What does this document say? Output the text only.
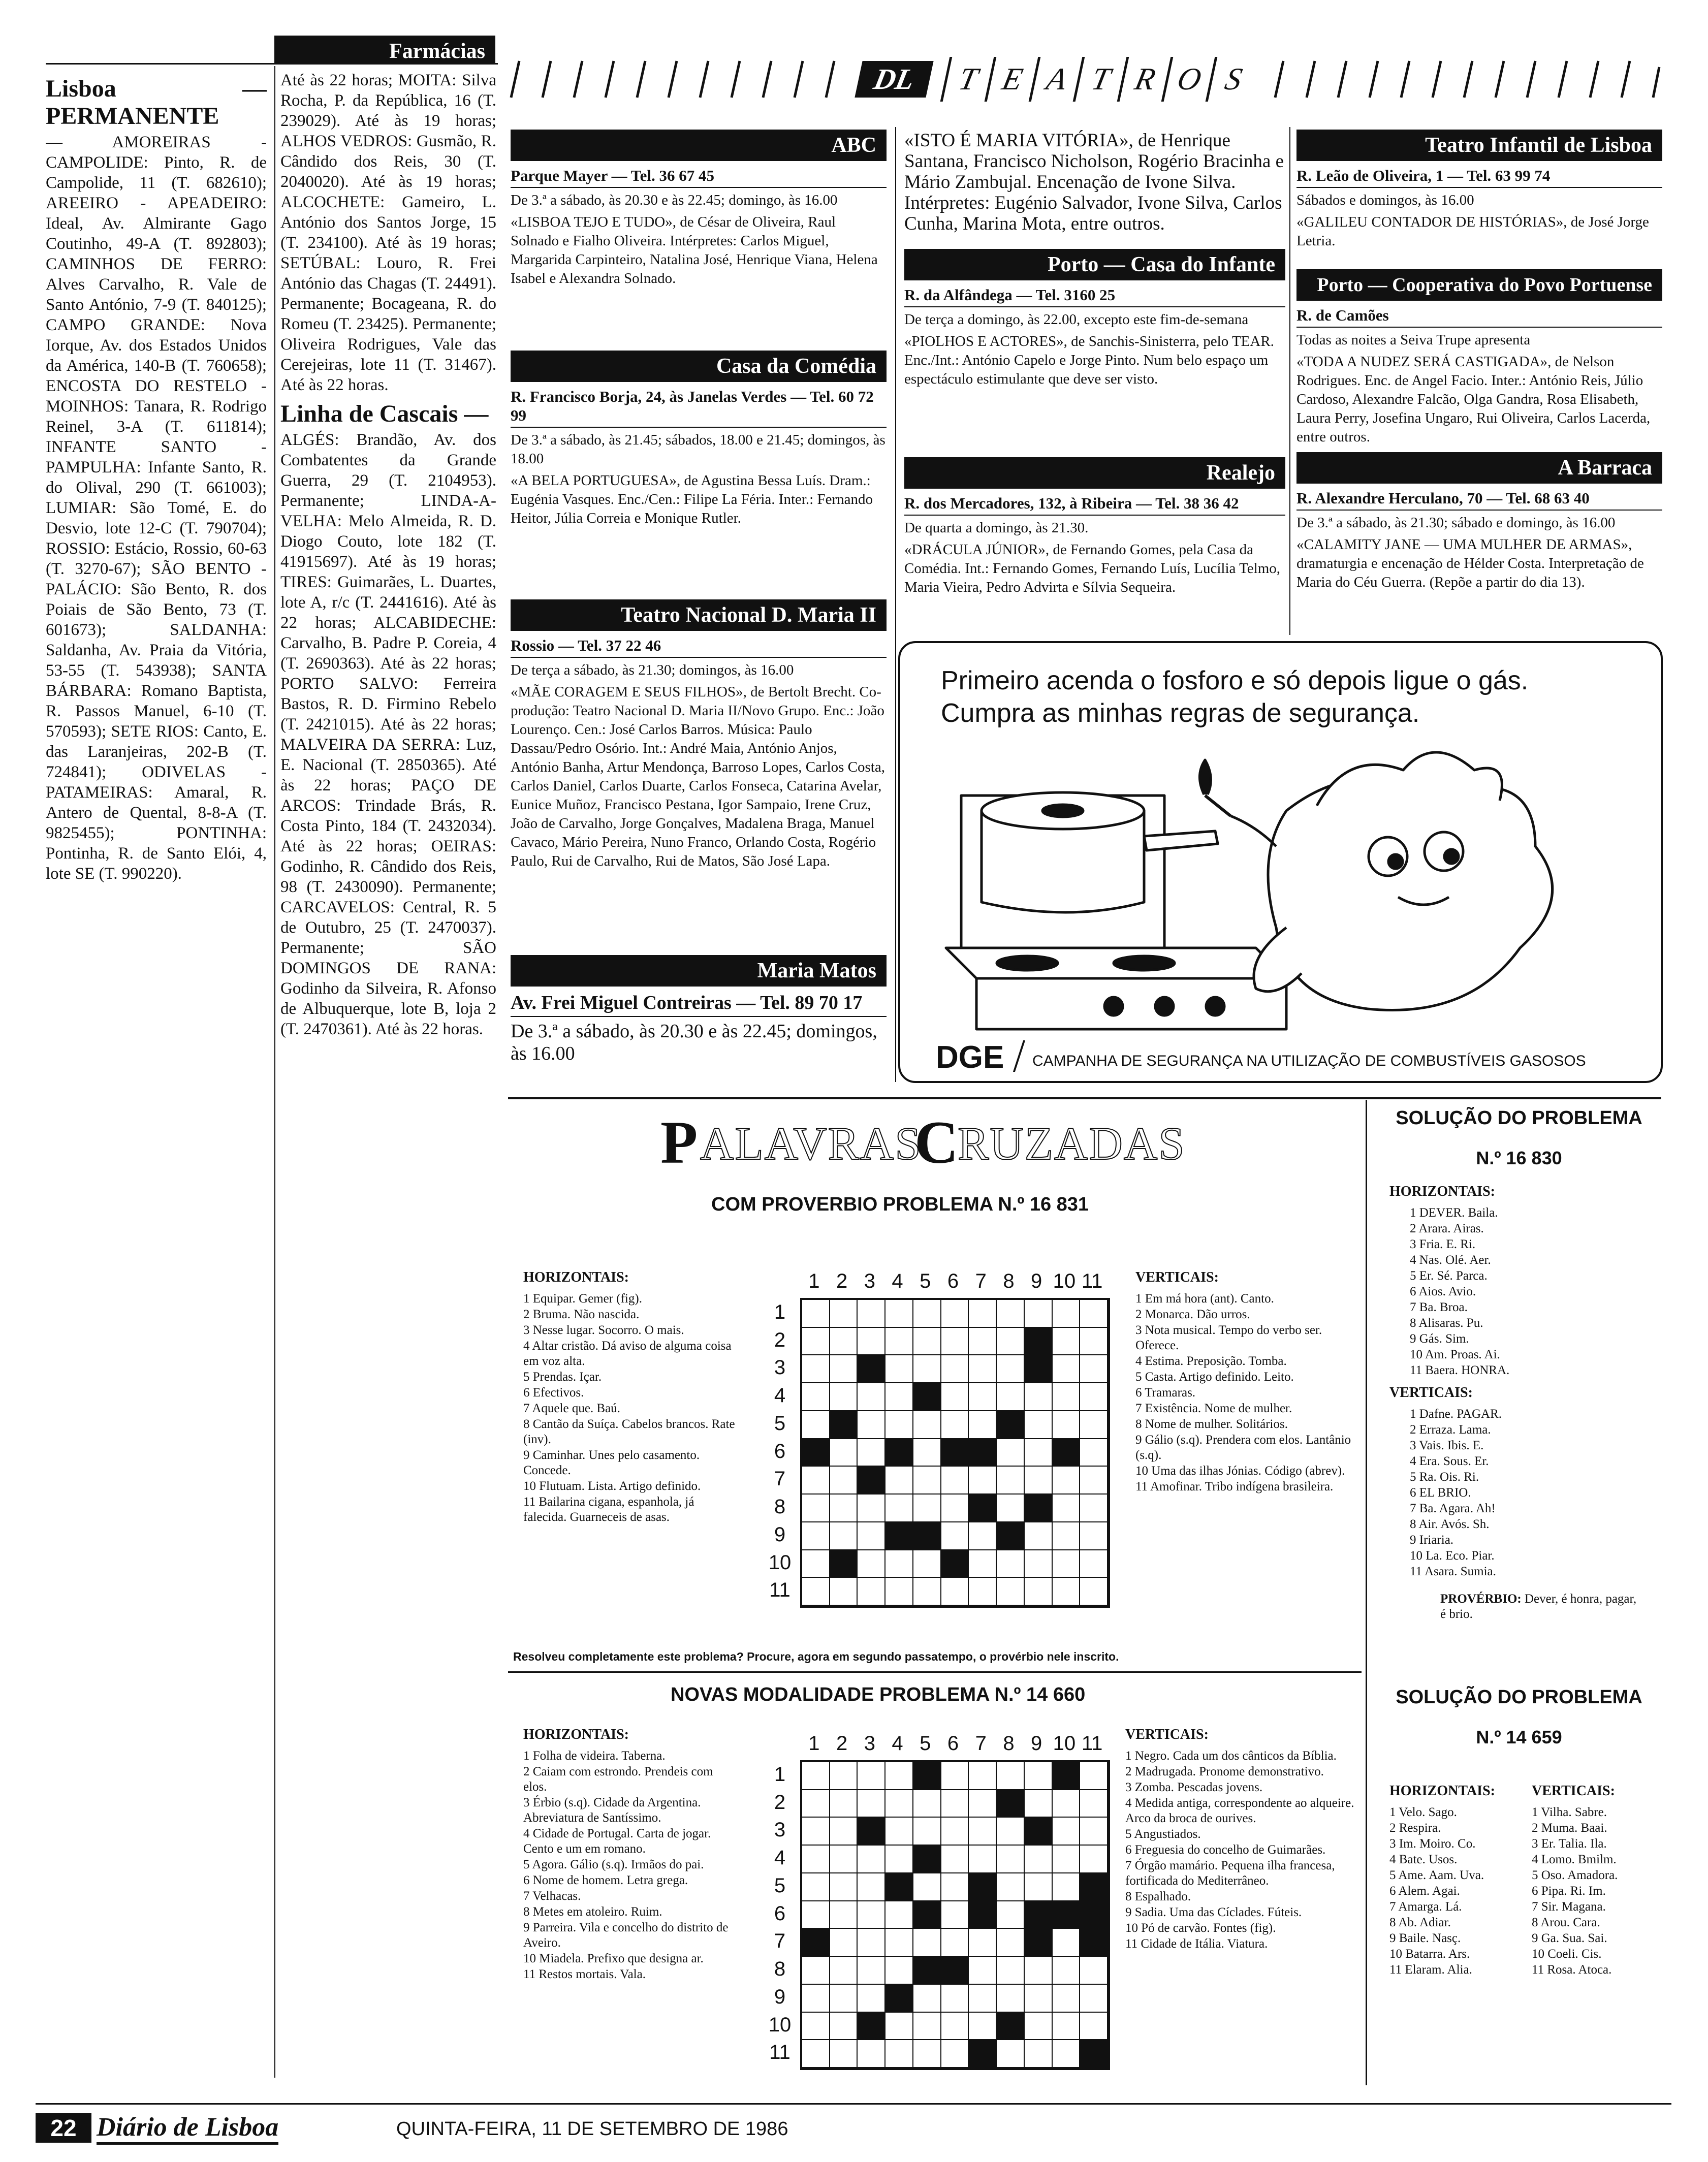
Farmácias
Lisboa — PERMANENTE

— AMOREIRAS - CAMPOLIDE: Pinto, R. de Campolide, 11 (T. 682610); AREEIRO - APEADEIRO: Ideal, Av. Almirante Gago Coutinho, 49-A (T. 892803); CAMINHOS DE FERRO: Alves Carvalho, R. Vale de Santo António, 7-9 (T. 840125); CAMPO GRANDE: Nova Iorque, Av. dos Estados Unidos da América, 140-B (T. 760658); ENCOSTA DO RESTELO - MOINHOS: Tanara, R. Rodrigo Reinel, 3-A (T. 611814); INFANTE SANTO - PAMPULHA: Infante Santo, R. do Olival, 290 (T. 661003); LUMIAR: São Tomé, E. do Desvio, lote 12-C (T. 790704); ROSSIO: Estácio, Rossio, 60-63 (T. 3270-67); SÃO BENTO - PALÁCIO: São Bento, R. dos Poiais de São Bento, 73 (T. 601673); SALDANHA: Saldanha, Av. Praia da Vitória, 53-55 (T. 543938); SANTA BÁRBARA: Romano Baptista, R. Passos Manuel, 6-10 (T. 570593); SETE RIOS: Canto, E. das Laranjeiras, 202-B (T. 724841); ODIVELAS - PATAMEIRAS: Amaral, R. Antero de Quental, 8-8-A (T. 9825455); PONTINHA: Pontinha, R. de Santo Elói, 4, lote SE (T. 990220).

Até às 22 horas; MOITA: Silva Rocha, P. da República, 16 (T. 239029). Até às 19 horas; ALHOS VEDROS: Gusmão, R. Cândido dos Reis, 30 (T. 2040020). Até às 19 horas; ALCOCHETE: Gameiro, L. António dos Santos Jorge, 15 (T. 234100). Até às 19 horas; SETÚBAL: Louro, R. Frei António das Chagas (T. 24491). Permanente; Bocageana, R. do Romeu (T. 23425). Permanente; Oliveira Rodrigues, Vale das Cerejeiras, lote 11 (T. 31467). Até às 22 horas.

Linha de Cascais —

ALGÉS: Brandão, Av. dos Combatentes da Grande Guerra, 29 (T. 2104953). Permanente; LINDA-A-VELHA: Melo Almeida, R. D. Diogo Couto, lote 182 (T. 41915697). Até às 19 horas; TIRES: Guimarães, L. Duartes, lote A, r/c (T. 2441616). Até às 22 horas; ALCABIDECHE: Carvalho, B. Padre P. Coreia, 4 (T. 2690363). Até às 22 horas; PORTO SALVO: Ferreira Bastos, R. D. Firmino Rebelo (T. 2421015). Até às 22 horas; MALVEIRA DA SERRA: Luz, E. Nacional (T. 2850365). Até às 22 horas; PAÇO DE ARCOS: Trindade Brás, R. Costa Pinto, 184 (T. 2432034). Até às 22 horas; OEIRAS: Godinho, R. Cândido dos Reis, 98 (T. 2430090). Permanente; CARCAVELOS: Central, R. 5 de Outubro, 25 (T. 2470037). Permanente; SÃO DOMINGOS DE RANA: Godinho da Silveira, R. Afonso de Albuquerque, lote B, loja 2 (T. 2470361). Até às 22 horas.

DL	T E A T R O S
ABC
Parque Mayer — Tel. 36 67 45

De 3.ª a sábado, às 20.30 e às 22.45; domingo, às 16.00

«LISBOA TEJO E TUDO», de César de Oliveira, Raul Solnado e Fialho Oliveira. Intérpretes: Carlos Miguel, Margarida Carpinteiro, Natalina José, Henrique Viana, Helena Isabel e Alexandra Solnado.

Casa da Comédia
R. Francisco Borja, 24, às Janelas Verdes — Tel. 60 72 99

De 3.ª a sábado, às 21.45; sábados, 18.00 e 21.45; domingos, às 18.00

«A BELA PORTUGUESA», de Agustina Bessa Luís. Dram.: Eugénia Vasques. Enc./Cen.: Filipe La Féria. Inter.: Fernando Heitor, Júlia Correia e Monique Rutler.

Teatro Nacional D. Maria II
Rossio — Tel. 37 22 46

De terça a sábado, às 21.30; domingos, às 16.00

«MÃE CORAGEM E SEUS FILHOS», de Bertolt Brecht. Co-produção: Teatro Nacional D. Maria II/Novo Grupo. Enc.: João Lourenço. Cen.: José Carlos Barros. Música: Paulo Dassau/Pedro Osório. Int.: André Maia, António Anjos, António Banha, Artur Mendonça, Barroso Lopes, Carlos Costa, Carlos Daniel, Carlos Duarte, Carlos Fonseca, Catarina Avelar, Eunice Muñoz, Francisco Pestana, Igor Sampaio, Irene Cruz, João de Carvalho, Jorge Gonçalves, Madalena Braga, Manuel Cavaco, Mário Pereira, Nuno Franco, Orlando Costa, Rogério Paulo, Rui de Carvalho, Rui de Matos, São José Lapa.

Maria Matos
Av. Frei Miguel Contreiras — Tel. 89 70 17

De 3.ª a sábado, às 20.30 e às 22.45; domingos, às 16.00

«ISTO É MARIA VITÓRIA», de Henrique Santana, Francisco Nicholson, Rogério Bracinha e Mário Zambujal. Encenação de Ivone Silva. Intérpretes: Eugénio Salvador, Ivone Silva, Carlos Cunha, Marina Mota, entre outros.

Porto — Casa do Infante
R. da Alfândega — Tel. 3160 25

De terça a domingo, às 22.00, excepto este fim-de-semana

«PIOLHOS E ACTORES», de Sanchis-Sinisterra, pelo TEAR. Enc./Int.: António Capelo e Jorge Pinto. Num belo espaço um espectáculo estimulante que deve ser visto.

Realejo
R. dos Mercadores, 132, à Ribeira — Tel. 38 36 42

De quarta a domingo, às 21.30.

«DRÁCULA JÚNIOR», de Fernando Gomes, pela Casa da Comédia. Int.: Fernando Gomes, Fernando Luís, Lucília Telmo, Maria Vieira, Pedro Advirta e Sílvia Sequeira.

Teatro Infantil de Lisboa
R. Leão de Oliveira, 1 — Tel. 63 99 74

Sábados e domingos, às 16.00

«GALILEU CONTADOR DE HISTÓRIAS», de José Jorge Letria.

Porto — Cooperativa do Povo Portuense
R. de Camões

Todas as noites a Seiva Trupe apresenta

«TODA A NUDEZ SERÁ CASTIGADA», de Nelson Rodrigues. Enc. de Angel Facio. Inter.: António Reis, Júlio Cardoso, Alexandre Falcão, Olga Gandra, Rosa Elisabeth, Laura Perry, Josefina Ungaro, Rui Oliveira, Carlos Lacerda, entre outros.

A Barraca
R. Alexandre Herculano, 70 — Tel. 68 63 40

De 3.ª a sábado, às 21.30; sábado e domingo, às 16.00

«CALAMITY JANE — UMA MULHER DE ARMAS», dramaturgia e encenação de Hélder Costa. Interpretação de Maria do Céu Guerra. (Repõe a partir do dia 13).

Primeiro acenda o fosforo e só depois ligue o gás.
Cumpra as minhas regras de segurança.
DGE CAMPANHA DE SEGURANÇA NA UTILIZAÇÃO DE COMBUSTÍVEIS GASOSOS
P ALAVRAS
C
RUZADAS
COM PROVERBIO PROBLEMA N.º 16 831
HORIZONTAIS:
1 Equipar. Gemer (fig).
2 Bruma. Não nascida.
3 Nesse lugar. Socorro. O mais.
4 Altar cristão. Dá aviso de alguma coisa em voz alta.
5 Prendas. Içar.
6 Efectivos.
7 Aquele que. Baú.
8 Cantão da Suíça. Cabelos brancos. Rate (inv).
9 Caminhar. Unes pelo casamento. Concede.
10 Flutuam. Lista. Artigo definido.
11 Bailarina cigana, espanhola, já falecida. Guarneceis de asas.
1 2 3 4 5 6 7 8 9 10 11
1
2
3
4
5
6
7
8
9
10
11
VERTICAIS:
1 Em má hora (ant). Canto.
2 Monarca. Dão urros.
3 Nota musical. Tempo do verbo ser. Oferece.
4 Estima. Preposição. Tomba.
5 Casta. Artigo definido. Leito.
6 Tramaras.
7 Existência. Nome de mulher.
8 Nome de mulher. Solitários.
9 Gálio (s.q). Prendera com elos. Lantânio (s.q).
10 Uma das ilhas Jónias. Código (abrev).
11 Amofinar. Tribo indígena brasileira.
Resolveu completamente este problema? Procure, agora em segundo passatempo, o provérbio nele inscrito.
NOVAS MODALIDADE PROBLEMA N.º 14 660
HORIZONTAIS:
1 Folha de videira. Taberna.
2 Caiam com estrondo. Prendeis com elos.
3 Érbio (s.q). Cidade da Argentina. Abreviatura de Santíssimo.
4 Cidade de Portugal. Carta de jogar. Cento e um em romano.
5 Agora. Gálio (s.q). Irmãos do pai.
6 Nome de homem. Letra grega.
7 Velhacas.
8 Metes em atoleiro. Ruim.
9 Parreira. Vila e concelho do distrito de Aveiro.
10 Miadela. Prefixo que designa ar.
11 Restos mortais. Vala.
1 2 3 4 5 6 7 8 9 10 11
1
2
3
4
5
6
7
8
9
10
11
VERTICAIS:
1 Negro. Cada um dos cânticos da Bíblia.
2 Madrugada. Pronome demonstrativo.
3 Zomba. Pescadas jovens.
4 Medida antiga, correspondente ao alqueire. Arco da broca de ourives.
5 Angustiados.
6 Freguesia do concelho de Guimarães.
7 Órgão mamário. Pequena ilha francesa, fortificada do Mediterrâneo.
8 Espalhado.
9 Sadia. Uma das Cíclades. Fúteis.
10 Pó de carvão. Fontes (fig).
11 Cidade de Itália. Viatura.
SOLUÇÃO DO PROBLEMA
N.º 16 830
HORIZONTAIS:
1 DEVER. Baila.
2 Arara. Airas.
3 Fria. E. Ri.
4 Nas. Olé. Aer.
5 Er. Sé. Parca.
6 Aios. Avio.
7 Ba. Broa.
8 Alisaras. Pu.
9 Gás. Sim.
10 Am. Proas. Ai.
11 Baera. HONRA.
VERTICAIS:
1 Dafne. PAGAR.
2 Erraza. Lama.
3 Vais. Ibis. E.
4 Era. Sous. Er.
5 Ra. Ois. Ri.
6 EL BRIO.
7 Ba. Agara. Ah!
8 Air. Avós. Sh.
9 Iriaria.
10 La. Eco. Piar.
11 Asara. Sumia.
PROVÉRBIO: Dever, é honra, pagar, é brio.
SOLUÇÃO DO PROBLEMA
N.º 14 659
HORIZONTAIS:
1 Velo. Sago.
2 Respira.
3 Im. Moiro. Co.
4 Bate. Usos.
5 Ame. Aam. Uva.
6 Alem. Agai.
7 Amarga. Lá.
8 Ab. Adiar.
9 Baile. Nasç.
10 Batarra. Ars.
11 Elaram. Alia.
VERTICAIS:
1 Vilha. Sabre.
2 Muma. Baai.
3 Er. Talia. Ila.
4 Lomo. Bmilm.
5 Oso. Amadora.
6 Pipa. Ri. Im.
7 Sir. Magana.
8 Arou. Cara.
9 Ga. Sua. Sai.
10 Coeli. Cis.
11 Rosa. Atoca.
22 Diário de Lisboa	QUINTA-FEIRA, 11 DE SETEMBRO DE 1986
